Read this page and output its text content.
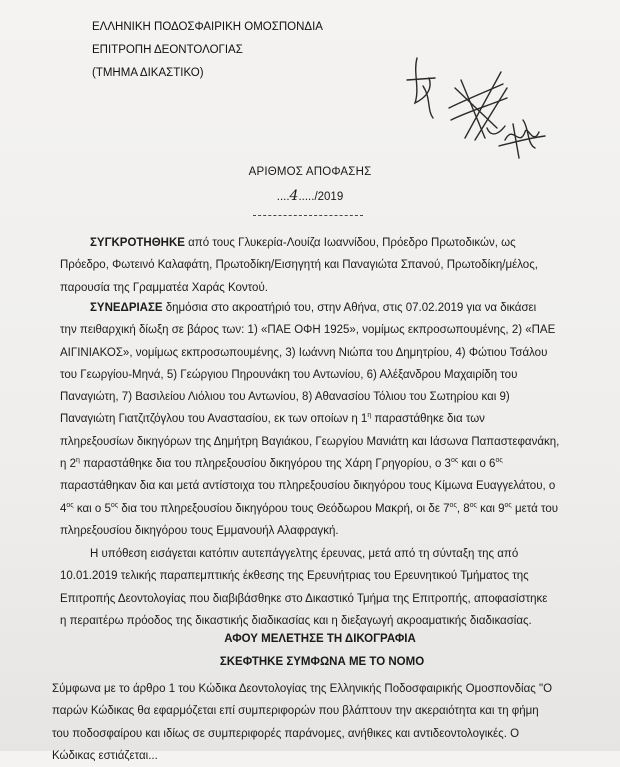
ΕΛΛΗΝΙΚΗ ΠΟΔΟΣΦΑΙΡΙΚΗ ΟΜΟΣΠΟΝΔΙΑ
ΕΠΙΤΡΟΠΗ ΔΕΟΝΤΟΛΟΓΙΑΣ
(ΤΜΗΜΑ ΔΙΚΑΣΤΙΚΟ)
ΑΡΙΘΜΟΣ ΑΠΟΦΑΣΗΣ
....4...../2019
ΣΥΓΚΡΟΤΗΘΗΚΕ από τους Γλυκερία-Λουίζα Ιωαννίδου, Πρόεδρο Πρωτοδικών, ως
Πρόεδρο, Φωτεινό Καλαφάτη, Πρωτοδίκη/Εισηγητή και Παναγιώτα Σπανού, Πρωτοδίκη/μέλος,
παρουσία της Γραμματέα Χαράς Κοντού.
ΣΥΝΕΔΡΙΑΣΕ δημόσια στο ακροατήριό του, στην Αθήνα, στις 07.02.2019 για να δικάσει
την πειθαρχική δίωξη σε βάρος των: 1) «ΠΑΕ ΟΦΗ 1925», νομίμως εκπροσωπουμένης, 2) «ΠΑΕ
ΑΙΓΙΝΙΑΚΟΣ», νομίμως εκπροσωπουμένης, 3) Ιωάννη Νιώπα του Δημητρίου, 4) Φώτιου Τσάλου
του Γεωργίου-Μηνά, 5) Γεώργιου Πηρουνάκη του Αντωνίου, 6) Αλέξανδρου Μαχαιρίδη του
Παναγιώτη, 7) Βασιλείου Λιόλιου του Αντωνίου, 8) Αθανασίου Τόλιου του Σωτηρίου και 9)
Παναγιώτη Γιατζιτζόγλου του Αναστασίου, εκ των οποίων η $1^\eta$ παραστάθηκε δια των
πληρεξουσίων δικηγόρων της Δημήτρη Βαγιάκου, Γεωργίου Μανιάτη και Ιάσωνα Παπαστεφανάκη,
η $2^\eta$ παραστάθηκε δια του πληρεξουσίου δικηγόρου της Χάρη Γρηγορίου, ο $3^{o\varsigma}$ και ο $6^{o\varsigma}$
παραστάθηκαν δια και μετά αντίστοιχα του πληρεξουσίου δικηγόρου τους Κίμωνα Ευαγγελάτου, ο
$4^{o\varsigma}$ και ο $5^{o\varsigma}$ δια του πληρεξουσίου δικηγόρου τους Θεόδωρου Μακρή, οι δε $7^{o\varsigma}$, $8^{o\varsigma}$ και $9^{o\varsigma}$ μετά του
πληρεξουσίου δικηγόρου τους Εμμανουήλ Αλαφραγκή.
Η υπόθεση εισάγεται κατόπιν αυτεπάγγελτης έρευνας, μετά από τη σύνταξη της από
10.01.2019 τελικής παραπεμπτικής έκθεσης της Ερευνήτριας του Ερευνητικού Τμήματος της
Επιτροπής Δεοντολογίας που διαβιβάσθηκε στο Δικαστικό Τμήμα της Επιτροπής, αποφασίστηκε
η περαιτέρω πρόοδος της δικαστικής διαδικασίας και η διεξαγωγή ακροαματικής διαδικασίας.
ΑΦΟΥ ΜΕΛΕΤΗΣΕ ΤΗ ΔΙΚΟΓΡΑΦΙΑ
ΣΚΕΦΤΗΚΕ ΣΥΜΦΩΝΑ ΜΕ ΤΟ ΝΟΜΟ
Σύμφωνα με το άρθρο 1 του Κώδικα Δεοντολογίας της Ελληνικής Ποδοσφαιρικής Ομοσπονδίας "Ο
παρών Κώδικας θα εφαρμόζεται επί συμπεριφορών που βλάπτουν την ακεραιότητα και τη φήμη
του ποδοσφαίρου και ιδίως σε συμπεριφορές παράνομες, ανήθικες και αντιδεοντολογικές. Ο
Κώδικας εστιάζεται...
